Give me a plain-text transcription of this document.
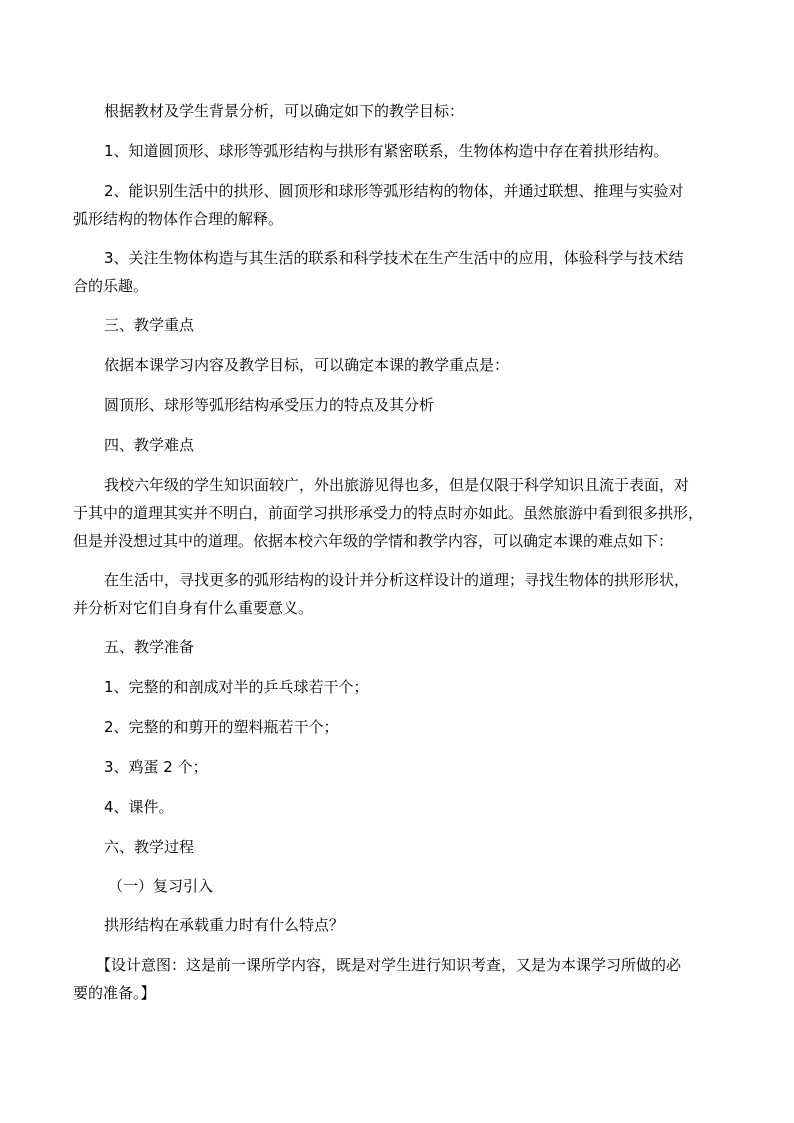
根据教材及学生背景分析，可以确定如下的教学目标：

1、知道圆顶形、球形等弧形结构与拱形有紧密联系，生物体构造中存在着拱形结构。

2、能识别生活中的拱形、圆顶形和球形等弧形结构的物体，并通过联想、推理与实验对

弧形结构的物体作合理的解释。

3、关注生物体构造与其生活的联系和科学技术在生产生活中的应用，体验科学与技术结

合的乐趣。

三、教学重点

依据本课学习内容及教学目标，可以确定本课的教学重点是：

圆顶形、球形等弧形结构承受压力的特点及其分析

四、教学难点

我校六年级的学生知识面较广，外出旅游见得也多，但是仅限于科学知识且流于表面，对

于其中的道理其实并不明白，前面学习拱形承受力的特点时亦如此。虽然旅游中看到很多拱形，

但是并没想过其中的道理。依据本校六年级的学情和教学内容，可以确定本课的难点如下：

在生活中，寻找更多的弧形结构的设计并分析这样设计的道理；寻找生物体的拱形形状，

并分析对它们自身有什么重要意义。

五、教学准备

1、完整的和剖成对半的乒乓球若干个；

2、完整的和剪开的塑料瓶若干个；

3、鸡蛋 2 个；

4、课件。

六、教学过程

（一）复习引入

拱形结构在承载重力时有什么特点？

【设计意图：这是前一课所学内容，既是对学生进行知识考查，又是为本课学习所做的必

要的准备。】
